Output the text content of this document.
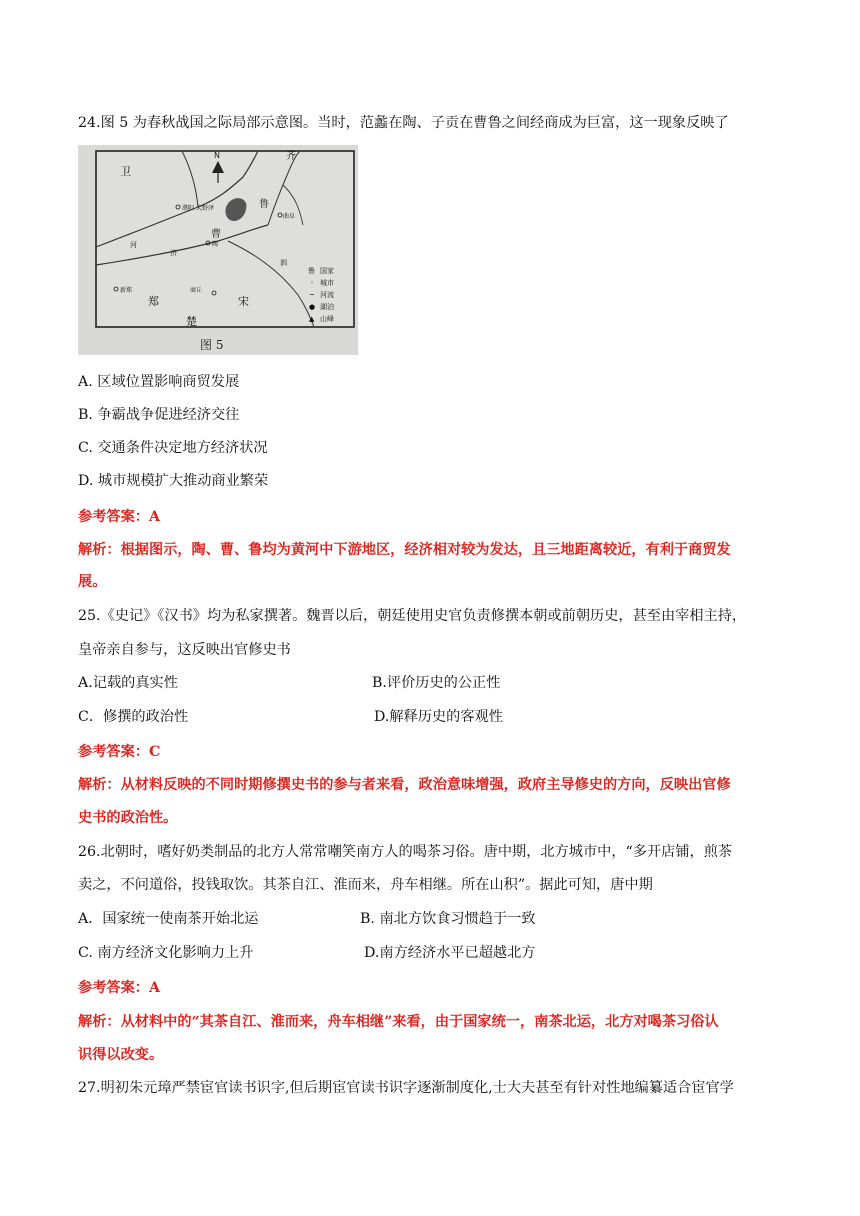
24.图 5 为春秋战国之际局部示意图。当时，范蠡在陶、子贡在曹鲁之间经商成为巨富，这一现象反映了
N
卫
鲁
曹
郑	宋
楚
齐
濮阳 大野泽
曲阜
陶
新郑	商丘
河
济
泗
鲁
◦
~
●
▲
国家
城市
河流
湖泊
山峰
图 5
A. 区域位置影响商贸发展
B. 争霸战争促进经济交往
C. 交通条件决定地方经济状况
D. 城市规模扩大推动商业繁荣
参考答案：A
解析：根据图示，陶、曹、鲁均为黄河中下游地区，经济相对较为发达，且三地距离较近，有利于商贸发
展。
25.《史记》《汉书》均为私家撰著。魏晋以后，朝廷使用史官负责修撰本朝或前朝历史，甚至由宰相主持，
皇帝亲自参与，这反映出官修史书
A.记载的真实性	B.评价历史的公正性
C．修撰的政治性	D.解释历史的客观性
参考答案：C
解析：从材料反映的不同时期修撰史书的参与者来看，政治意味增强，政府主导修史的方向，反映出官修
史书的政治性。
26.北朝时，嗜好奶类制品的北方人常常嘲笑南方人的喝茶习俗。唐中期，北方城市中，“多开店铺，煎茶
卖之，不问道俗，投钱取饮。其茶自江、淮而来，舟车相继。所在山积”。据此可知，唐中期
A．国家统一使南茶开始北运	B. 南北方饮食习惯趋于一致
C. 南方经济文化影响力上升	D.南方经济水平已超越北方
参考答案：A
解析：从材料中的“其茶自江、淮而来，舟车相继”来看，由于国家统一，南茶北运，北方对喝茶习俗认
识得以改变。
27.明初朱元璋严禁宦官读书识字,但后期宦官读书识字逐渐制度化,士大夫甚至有针对性地编纂适合宦官学
